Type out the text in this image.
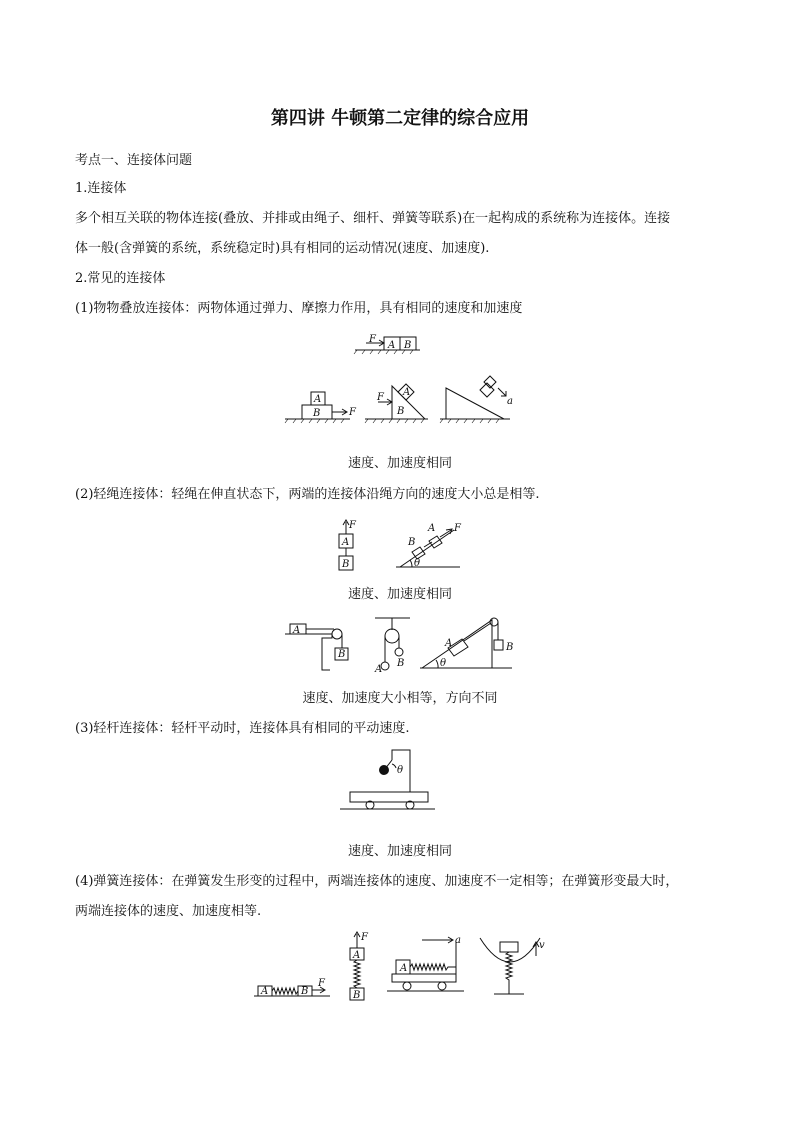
第四讲 牛顿第二定律的综合应用
考点一、连接体问题
1.连接体
多个相互关联的物体连接(叠放、并排或由绳子、细杆、弹簧等联系)在一起构成的系统称为连接体。连接
体一般(含弹簧的系统，系统稳定时)具有相同的运动情况(速度、加速度).
2.常见的连接体
(1)物物叠放连接体：两物体通过弹力、摩擦力作用，具有相同的速度和加速度
F
A B
A
B	F
F A
B
a
速度、加速度相同
(2)轻绳连接体：轻绳在伸直状态下，两端的连接体沿绳方向的速度大小总是相等.
F
A
B
B
A F
θ
速度、加速度相同
A
B
A
B
A	B
θ
速度、加速度大小相等，方向不同
(3)轻杆连接体：轻杆平动时，连接体具有相同的平动速度.
θ
速度、加速度相同
(4)弹簧连接体：在弹簧发生形变的过程中，两端连接体的速度、加速度不一定相等；在弹簧形变最大时，
两端连接体的速度、加速度相等.
A	B
F
F
A
B
A
a	v
